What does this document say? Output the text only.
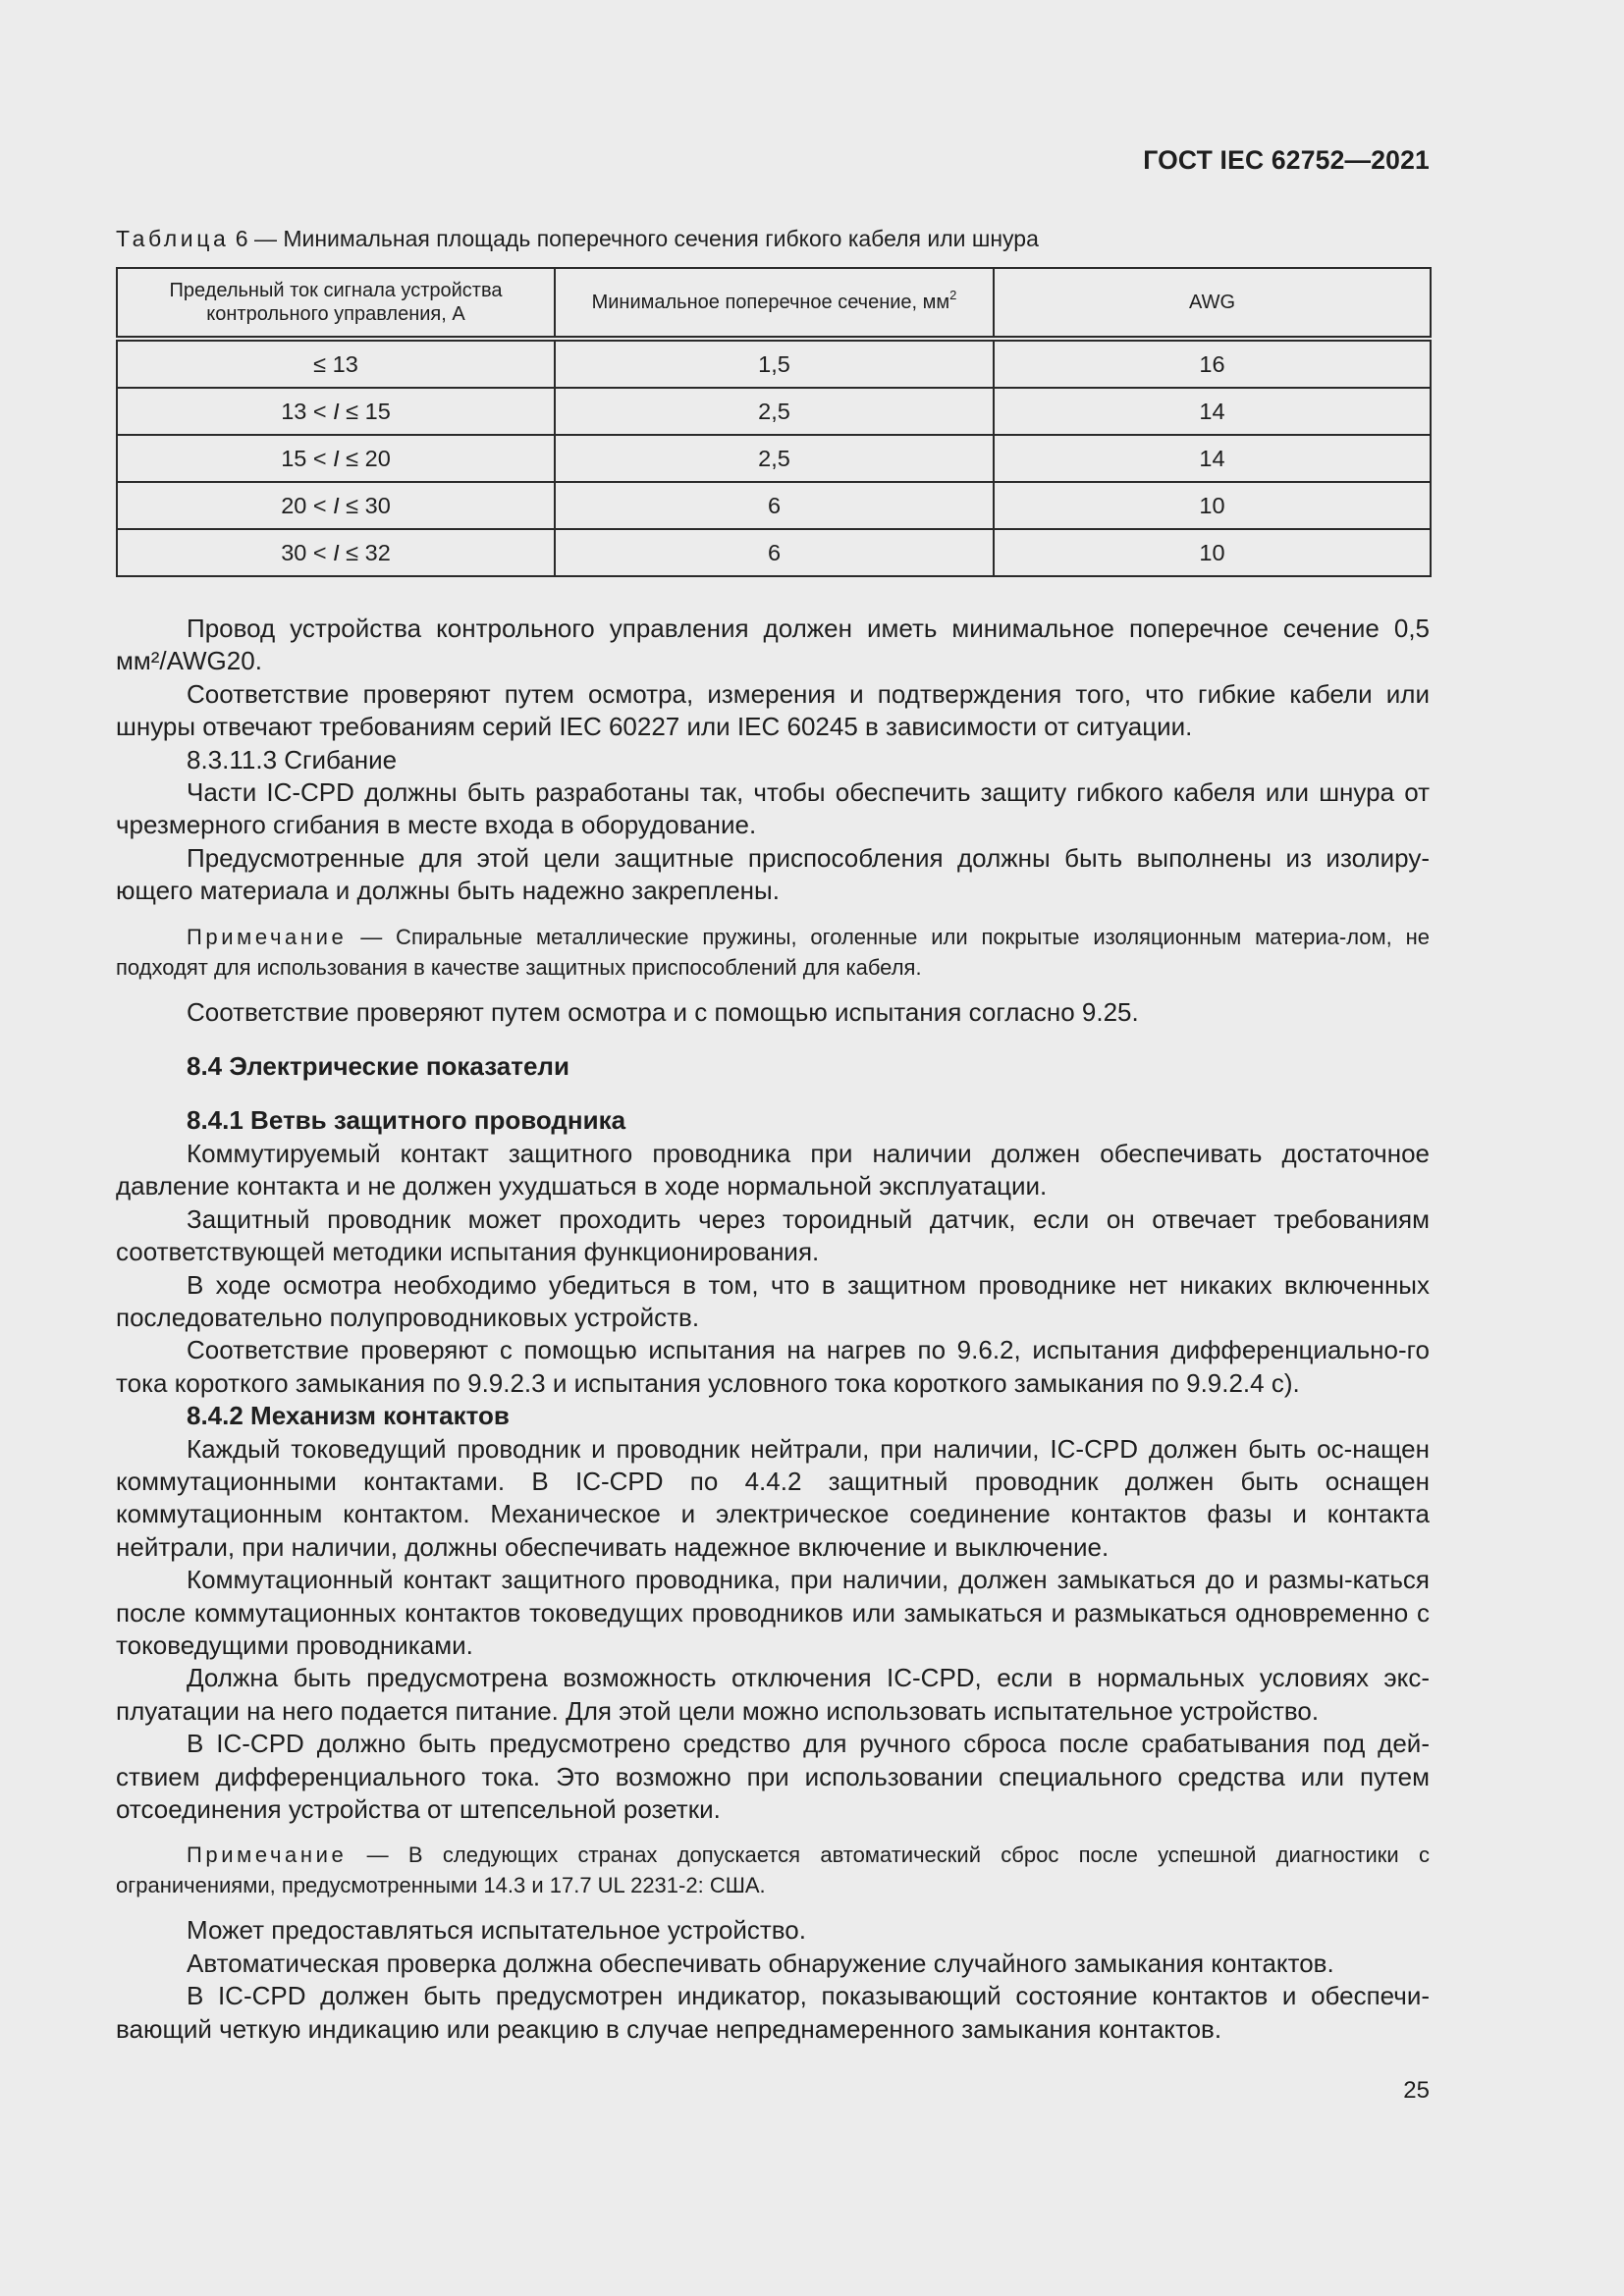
ГОСТ IEC 62752—2021
Таблица 6 — Минимальная площадь поперечного сечения гибкого кабеля или шнура
Предельный ток сигнала устройства
контрольного управления, А	Минимальное поперечное сечение, $мм^2$	AWG
≤ 13	1,5	16
13 < I ≤ 15	2,5	14
15 < I ≤ 20	2,5	14
20 < I ≤ 30	6	10
30 < I ≤ 32	6	10

Провод устройства контрольного управления должен иметь минимальное поперечное сечение 0,5 мм²/AWG20.

Соответствие проверяют путем осмотра, измерения и подтверждения того, что гибкие кабели или шнуры отвечают требованиям серий IEC 60227 или IEC 60245 в зависимости от ситуации.

8.3.11.3 Сгибание

Части IC-CPD должны быть разработаны так, чтобы обеспечить защиту гибкого кабеля или шнура от чрезмерного сгибания в месте входа в оборудование.

Предусмотренные для этой цели защитные приспособления должны быть выполнены из изолиру-ющего материала и должны быть надежно закреплены.

Примечание — Спиральные металлические пружины, оголенные или покрытые изоляционным материа-лом, не подходят для использования в качестве защитных приспособлений для кабеля.

Соответствие проверяют путем осмотра и с помощью испытания согласно 9.25.

8.4 Электрические показатели

8.4.1 Ветвь защитного проводника

Коммутируемый контакт защитного проводника при наличии должен обеспечивать достаточное давление контакта и не должен ухудшаться в ходе нормальной эксплуатации.

Защитный проводник может проходить через тороидный датчик, если он отвечает требованиям соответствующей методики испытания функционирования.

В ходе осмотра необходимо убедиться в том, что в защитном проводнике нет никаких включенных последовательно полупроводниковых устройств.

Соответствие проверяют с помощью испытания на нагрев по 9.6.2, испытания дифференциально-го тока короткого замыкания по 9.9.2.3 и испытания условного тока короткого замыкания по 9.9.2.4 с).

8.4.2 Механизм контактов

Каждый токоведущий проводник и проводник нейтрали, при наличии, IC-CPD должен быть ос-нащен коммутационными контактами. В IC-CPD по 4.4.2 защитный проводник должен быть оснащен коммутационным контактом. Механическое и электрическое соединение контактов фазы и контакта нейтрали, при наличии, должны обеспечивать надежное включение и выключение.

Коммутационный контакт защитного проводника, при наличии, должен замыкаться до и размы-каться после коммутационных контактов токоведущих проводников или замыкаться и размыкаться одновременно с токоведущими проводниками.

Должна быть предусмотрена возможность отключения IC-CPD, если в нормальных условиях экс-плуатации на него подается питание. Для этой цели можно использовать испытательное устройство.

В IC-CPD должно быть предусмотрено средство для ручного сброса после срабатывания под дей-ствием дифференциального тока. Это возможно при использовании специального средства или путем отсоединения устройства от штепсельной розетки.

Примечание — В следующих странах допускается автоматический сброс после успешной диагностики с ограничениями, предусмотренными 14.3 и 17.7 UL 2231-2: США.

Может предоставляться испытательное устройство.

Автоматическая проверка должна обеспечивать обнаружение случайного замыкания контактов.

В IC-CPD должен быть предусмотрен индикатор, показывающий состояние контактов и обеспечи-вающий четкую индикацию или реакцию в случае непреднамеренного замыкания контактов.

25
